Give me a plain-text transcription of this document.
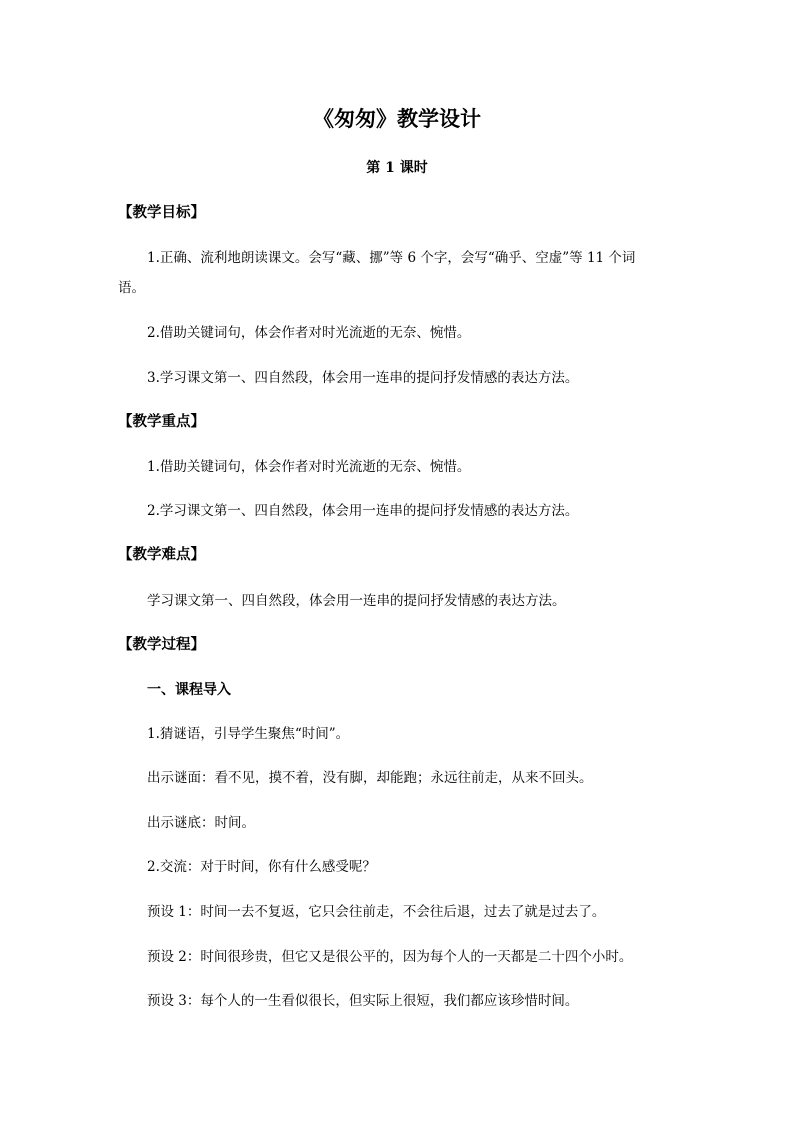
《匆匆》教学设计
第 1 课时
【教学目标】
1.正确、流利地朗读课文。会写“藏、挪”等 6 个字，会写“确乎、空虚”等 11 个词
语。
2.借助关键词句，体会作者对时光流逝的无奈、惋惜。
3.学习课文第一、四自然段，体会用一连串的提问抒发情感的表达方法。
【教学重点】
1.借助关键词句，体会作者对时光流逝的无奈、惋惜。
2.学习课文第一、四自然段，体会用一连串的提问抒发情感的表达方法。
【教学难点】
学习课文第一、四自然段，体会用一连串的提问抒发情感的表达方法。
【教学过程】
一、课程导入
1.猜谜语，引导学生聚焦“时间”。
出示谜面：看不见，摸不着，没有脚，却能跑；永远往前走，从来不回头。
出示谜底：时间。
2.交流：对于时间，你有什么感受呢？
预设 1：时间一去不复返，它只会往前走，不会往后退，过去了就是过去了。
预设 2：时间很珍贵，但它又是很公平的，因为每个人的一天都是二十四个小时。
预设 3：每个人的一生看似很长，但实际上很短，我们都应该珍惜时间。
